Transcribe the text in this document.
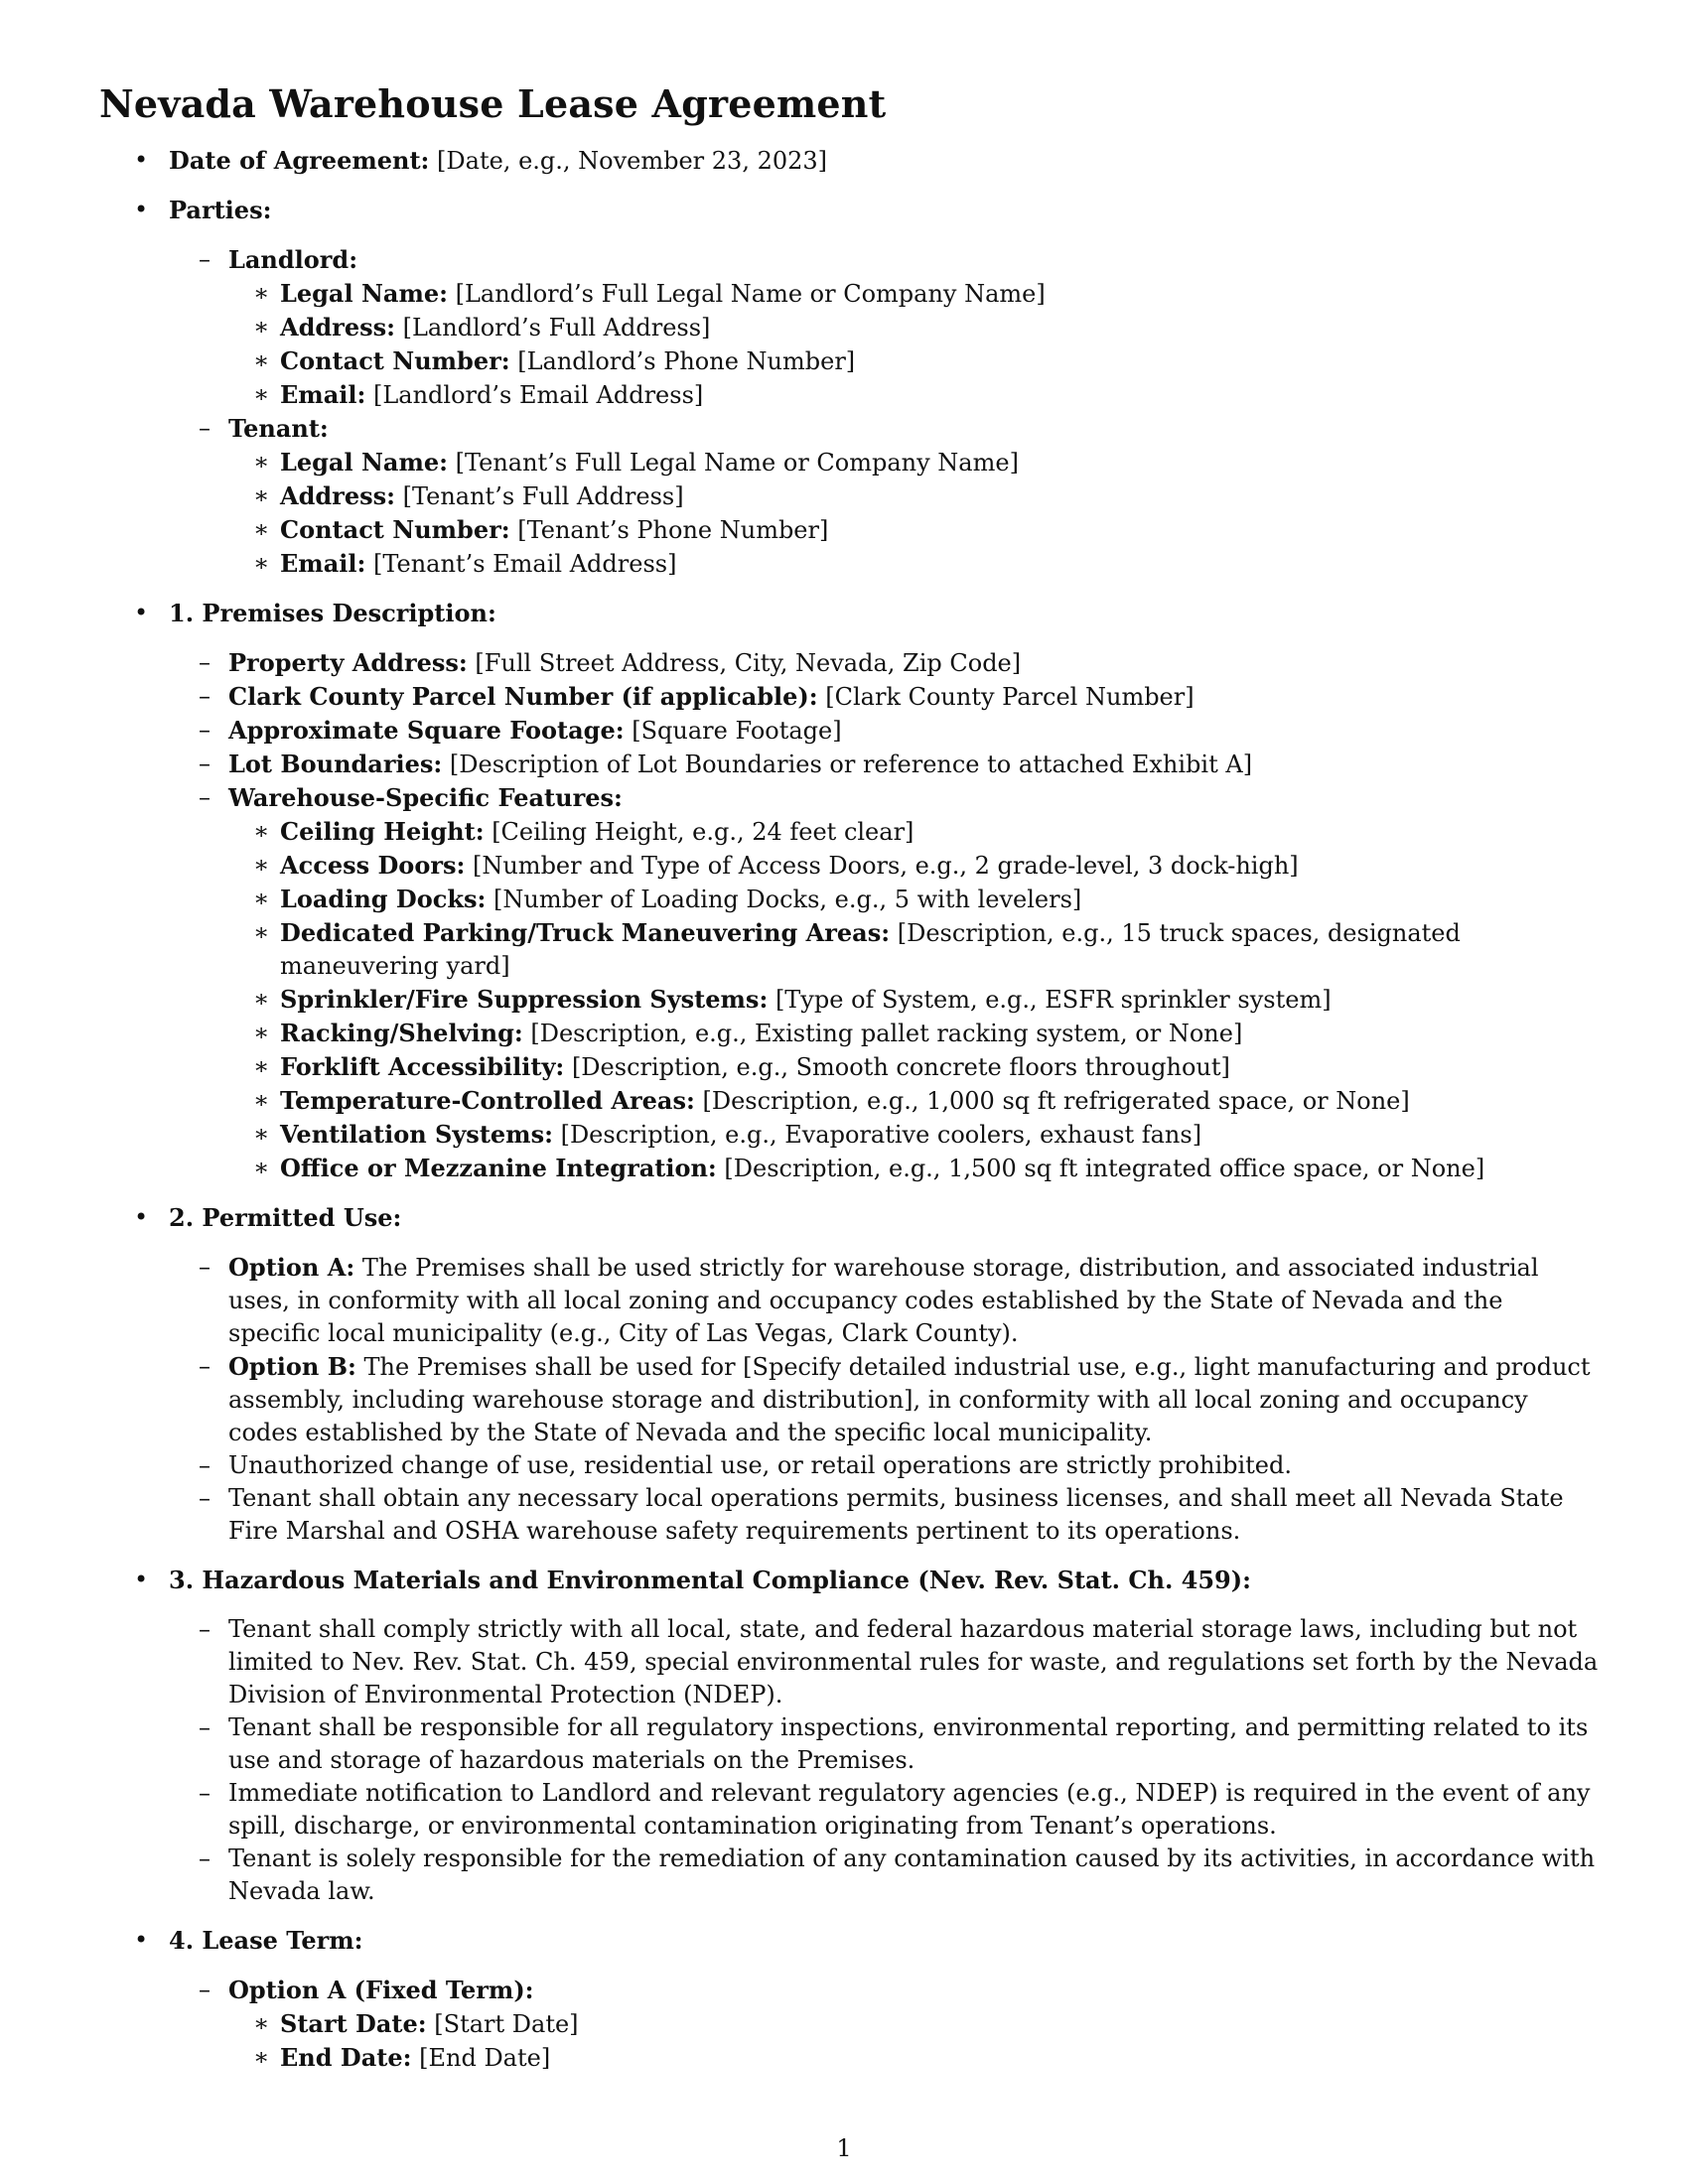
Nevada Warehouse Lease Agreement
• Date of Agreement: [Date, e.g., November 23, 2023]
• Parties:
– Landlord:
∗ Legal Name: [Landlord’s Full Legal Name or Company Name]
∗ Address: [Landlord’s Full Address]
∗ Contact Number: [Landlord’s Phone Number]
∗ Email: [Landlord’s Email Address]
– Tenant:
∗ Legal Name: [Tenant’s Full Legal Name or Company Name]
∗ Address: [Tenant’s Full Address]
∗ Contact Number: [Tenant’s Phone Number]
∗ Email: [Tenant’s Email Address]
• 1. Premises Description:
– Property Address: [Full Street Address, City, Nevada, Zip Code]
– Clark County Parcel Number (if applicable): [Clark County Parcel Number]
– Approximate Square Footage: [Square Footage]
– Lot Boundaries: [Description of Lot Boundaries or reference to attached Exhibit A]
– Warehouse-Specific Features:
∗ Ceiling Height: [Ceiling Height, e.g., 24 feet clear]
∗ Access Doors: [Number and Type of Access Doors, e.g., 2 grade-level, 3 dock-high]
∗ Loading Docks: [Number of Loading Docks, e.g., 5 with levelers]
∗ Dedicated Parking/Truck Maneuvering Areas: [Description, e.g., 15 truck spaces, designated maneuvering yard]
∗ Sprinkler/Fire Suppression Systems: [Type of System, e.g., ESFR sprinkler system]
∗ Racking/Shelving: [Description, e.g., Existing pallet racking system, or None]
∗ Forklift Accessibility: [Description, e.g., Smooth concrete floors throughout]
∗ Temperature-Controlled Areas: [Description, e.g., 1,000 sq ft refrigerated space, or None]
∗ Ventilation Systems: [Description, e.g., Evaporative coolers, exhaust fans]
∗ Office or Mezzanine Integration: [Description, e.g., 1,500 sq ft integrated office space, or None]
• 2. Permitted Use:
– Option A: The Premises shall be used strictly for warehouse storage, distribution, and associated industrial uses, in conformity with all local zoning and occupancy codes established by the State of Nevada and the specific local municipality (e.g., City of Las Vegas, Clark County).
– Option B: The Premises shall be used for [Specify detailed industrial use, e.g., light manufacturing and product assembly, including warehouse storage and distribution], in conformity with all local zoning and occupancy codes established by the State of Nevada and the specific local municipality.
– Unauthorized change of use, residential use, or retail operations are strictly prohibited.
– Tenant shall obtain any necessary local operations permits, business licenses, and shall meet all Nevada State Fire Marshal and OSHA warehouse safety requirements pertinent to its operations.
• 3. Hazardous Materials and Environmental Compliance (Nev. Rev. Stat. Ch. 459):
– Tenant shall comply strictly with all local, state, and federal hazardous material storage laws, including but not limited to Nev. Rev. Stat. Ch. 459, special environmental rules for waste, and regulations set forth by the Nevada Division of Environmental Protection (NDEP).
– Tenant shall be responsible for all regulatory inspections, environmental reporting, and permitting related to its use and storage of hazardous materials on the Premises.
– Immediate notification to Landlord and relevant regulatory agencies (e.g., NDEP) is required in the event of any spill, discharge, or environmental contamination originating from Tenant’s operations.
– Tenant is solely responsible for the remediation of any contamination caused by its activities, in accordance with Nevada law.
• 4. Lease Term:
– Option A (Fixed Term):
∗ Start Date: [Start Date]
∗ End Date: [End Date]
1
